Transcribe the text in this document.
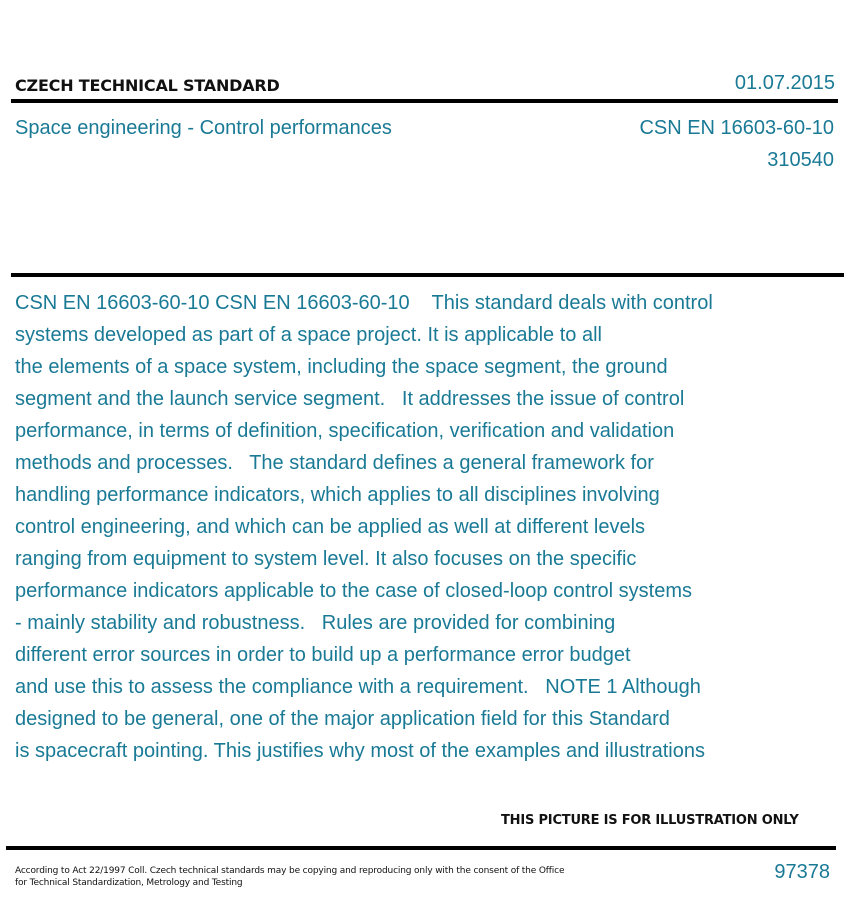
CZECH TECHNICAL STANDARD	01.07.2015
Space engineering - Control performances	CSN EN 16603-60-10
310540
CSN EN 16603-60-10 CSN EN 16603-60-10    This standard deals with control
systems developed as part of a space project. It is applicable to all
the elements of a space system, including the space segment, the ground
segment and the launch service segment.   It addresses the issue of control
performance, in terms of definition, specification, verification and validation
methods and processes.   The standard defines a general framework for
handling performance indicators, which applies to all disciplines involving
control engineering, and which can be applied as well at different levels
ranging from equipment to system level. It also focuses on the specific
performance indicators applicable to the case of closed-loop control systems
- mainly stability and robustness.   Rules are provided for combining
different error sources in order to build up a performance error budget
and use this to assess the compliance with a requirement.   NOTE 1 Although
designed to be general, one of the major application field for this Standard
is spacecraft pointing. This justifies why most of the examples and illustrations
THIS PICTURE IS FOR ILLUSTRATION ONLY
According to Act 22/1997 Coll. Czech technical standards may be copying and reproducing only with the consent of the Office
for Technical Standardization, Metrology and Testing	97378
